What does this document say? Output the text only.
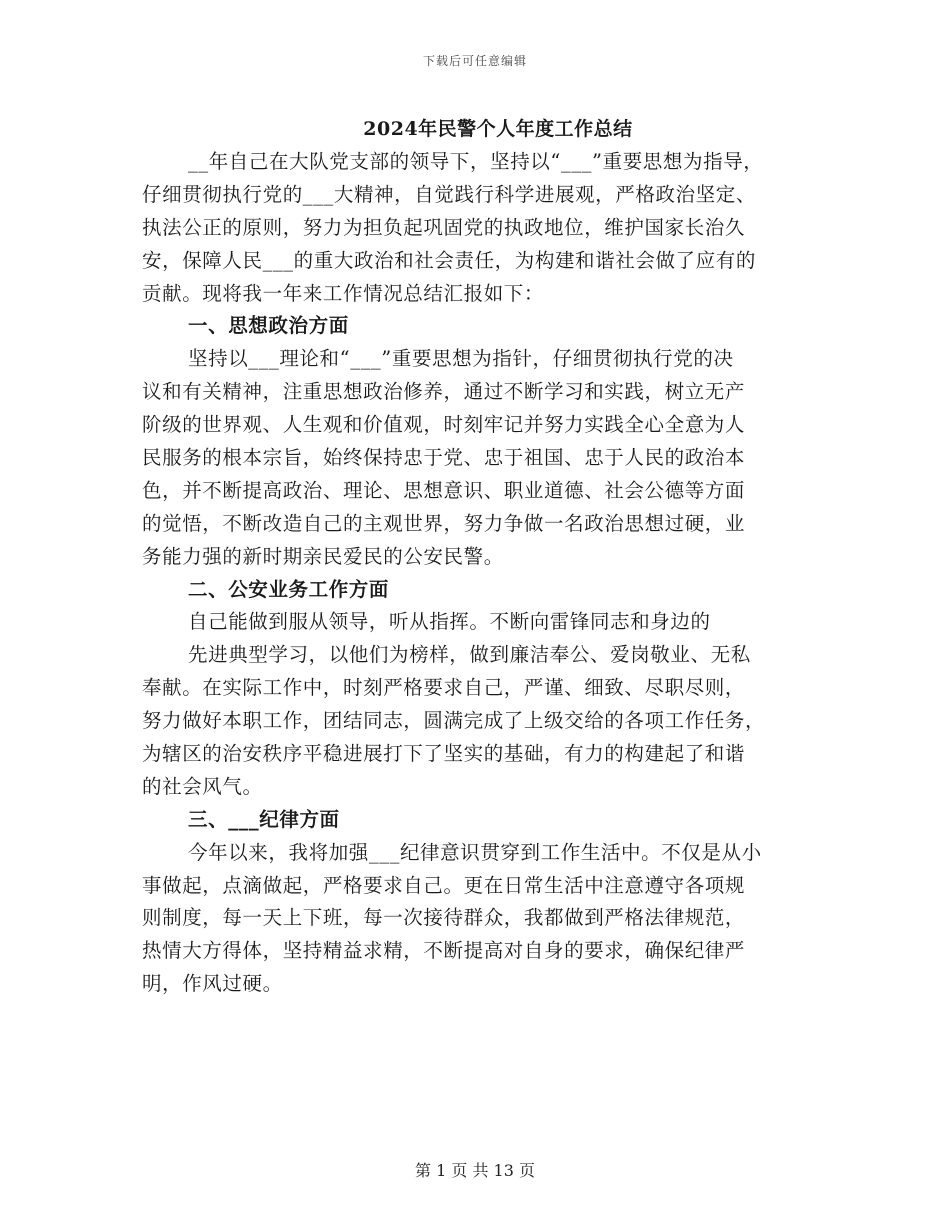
下载后可任意编辑
2024年民警个人年度工作总结
__年自己在大队党支部的领导下，坚持以“___”重要思想为指导，
仔细贯彻执行党的___大精神，自觉践行科学进展观，严格政治坚定、
执法公正的原则，努力为担负起巩固党的执政地位，维护国家长治久
安，保障人民___的重大政治和社会责任，为构建和谐社会做了应有的
贡献。现将我一年来工作情况总结汇报如下：
一、思想政治方面
坚持以___理论和“___”重要思想为指针，仔细贯彻执行党的决
议和有关精神，注重思想政治修养，通过不断学习和实践，树立无产
阶级的世界观、人生观和价值观，时刻牢记并努力实践全心全意为人
民服务的根本宗旨，始终保持忠于党、忠于祖国、忠于人民的政治本
色，并不断提高政治、理论、思想意识、职业道德、社会公德等方面
的觉悟，不断改造自己的主观世界，努力争做一名政治思想过硬，业
务能力强的新时期亲民爱民的公安民警。
二、公安业务工作方面
自己能做到服从领导，听从指挥。不断向雷锋同志和身边的
先进典型学习，以他们为榜样，做到廉洁奉公、爱岗敬业、无私
奉献。在实际工作中，时刻严格要求自己，严谨、细致、尽职尽则，
努力做好本职工作，团结同志，圆满完成了上级交给的各项工作任务，
为辖区的治安秩序平稳进展打下了坚实的基础，有力的构建起了和谐
的社会风气。
三、___纪律方面
今年以来，我将加强___纪律意识贯穿到工作生活中。不仅是从小
事做起，点滴做起，严格要求自己。更在日常生活中注意遵守各项规
则制度，每一天上下班，每一次接待群众，我都做到严格法律规范，
热情大方得体，坚持精益求精，不断提高对自身的要求，确保纪律严
明，作风过硬。
第 1 页 共 13 页
